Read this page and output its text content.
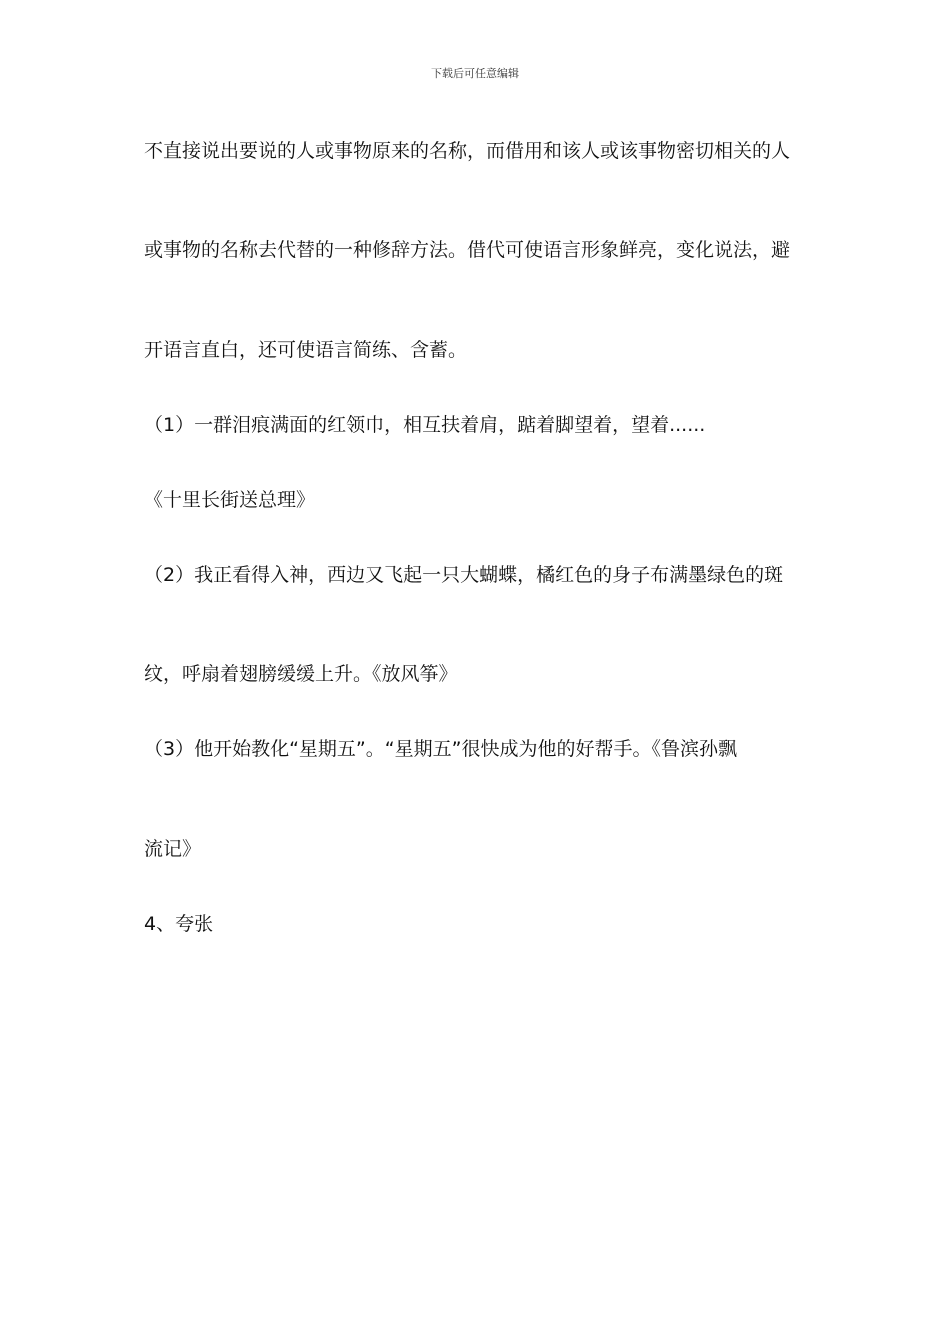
下载后可任意编辑
不直接说出要说的人或事物原来的名称，而借用和该人或该事物密切相关的人
或事物的名称去代替的一种修辞方法。借代可使语言形象鲜亮，变化说法，避
开语言直白，还可使语言简练、含蓄。
（1）一群泪痕满面的红领巾，相互扶着肩，踮着脚望着，望着......
《十里长街送总理》
（2）我正看得入神，西边又飞起一只大蝴蝶，橘红色的身子布满墨绿色的斑
纹，呼扇着翅膀缓缓上升。《放风筝》
（3）他开始教化“星期五”。“星期五”很快成为他的好帮手。《鲁滨孙飘
流记》
4、夸张
